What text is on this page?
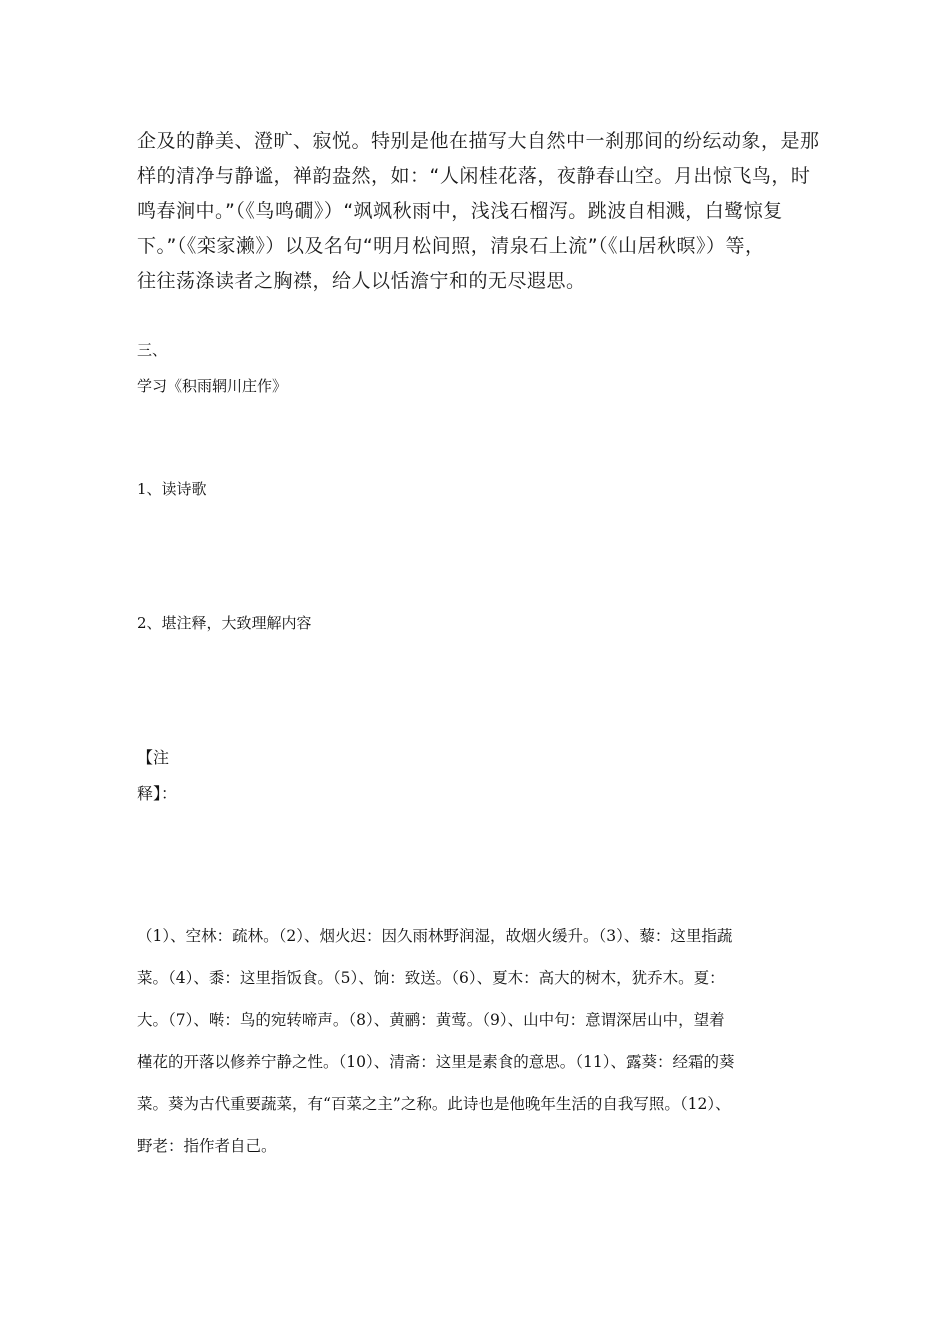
企及的静美、澄旷、寂悦。特别是他在描写大自然中一刹那间的纷纭动象，是那
样的清净与静谧，禅韵盎然，如：“人闲桂花落，夜静春山空。月出惊飞鸟，时
鸣春涧中。”（《鸟鸣礀》）“飒飒秋雨中，浅浅石榴泻。跳波自相溅，白鹭惊复
下。”（《栾家濑》）以及名句“明月松间照，清泉石上流”（《山居秋暝》）等，
往往荡涤读者之胸襟，给人以恬澹宁和的无尽遐思。
三、
学习《积雨辋川庄作》
1、读诗歌
2、堪注释，大致理解内容
【注
释】：
（1）、空林：疏林。（2）、烟火迟：因久雨林野润湿，故烟火缓升。（3）、藜：这里指蔬
菜。（4）、黍：这里指饭食。（5）、饷：致送。（6）、夏木：高大的树木，犹乔木。夏：
大。（7）、啭：鸟的宛转啼声。（8）、黄鹂：黄莺。（9）、山中句：意谓深居山中，望着
槿花的开落以修养宁静之性。（10）、清斋：这里是素食的意思。（11）、露葵：经霜的葵
菜。葵为古代重要蔬菜，有“百菜之主”之称。此诗也是他晚年生活的自我写照。（12）、
野老：指作者自己。
